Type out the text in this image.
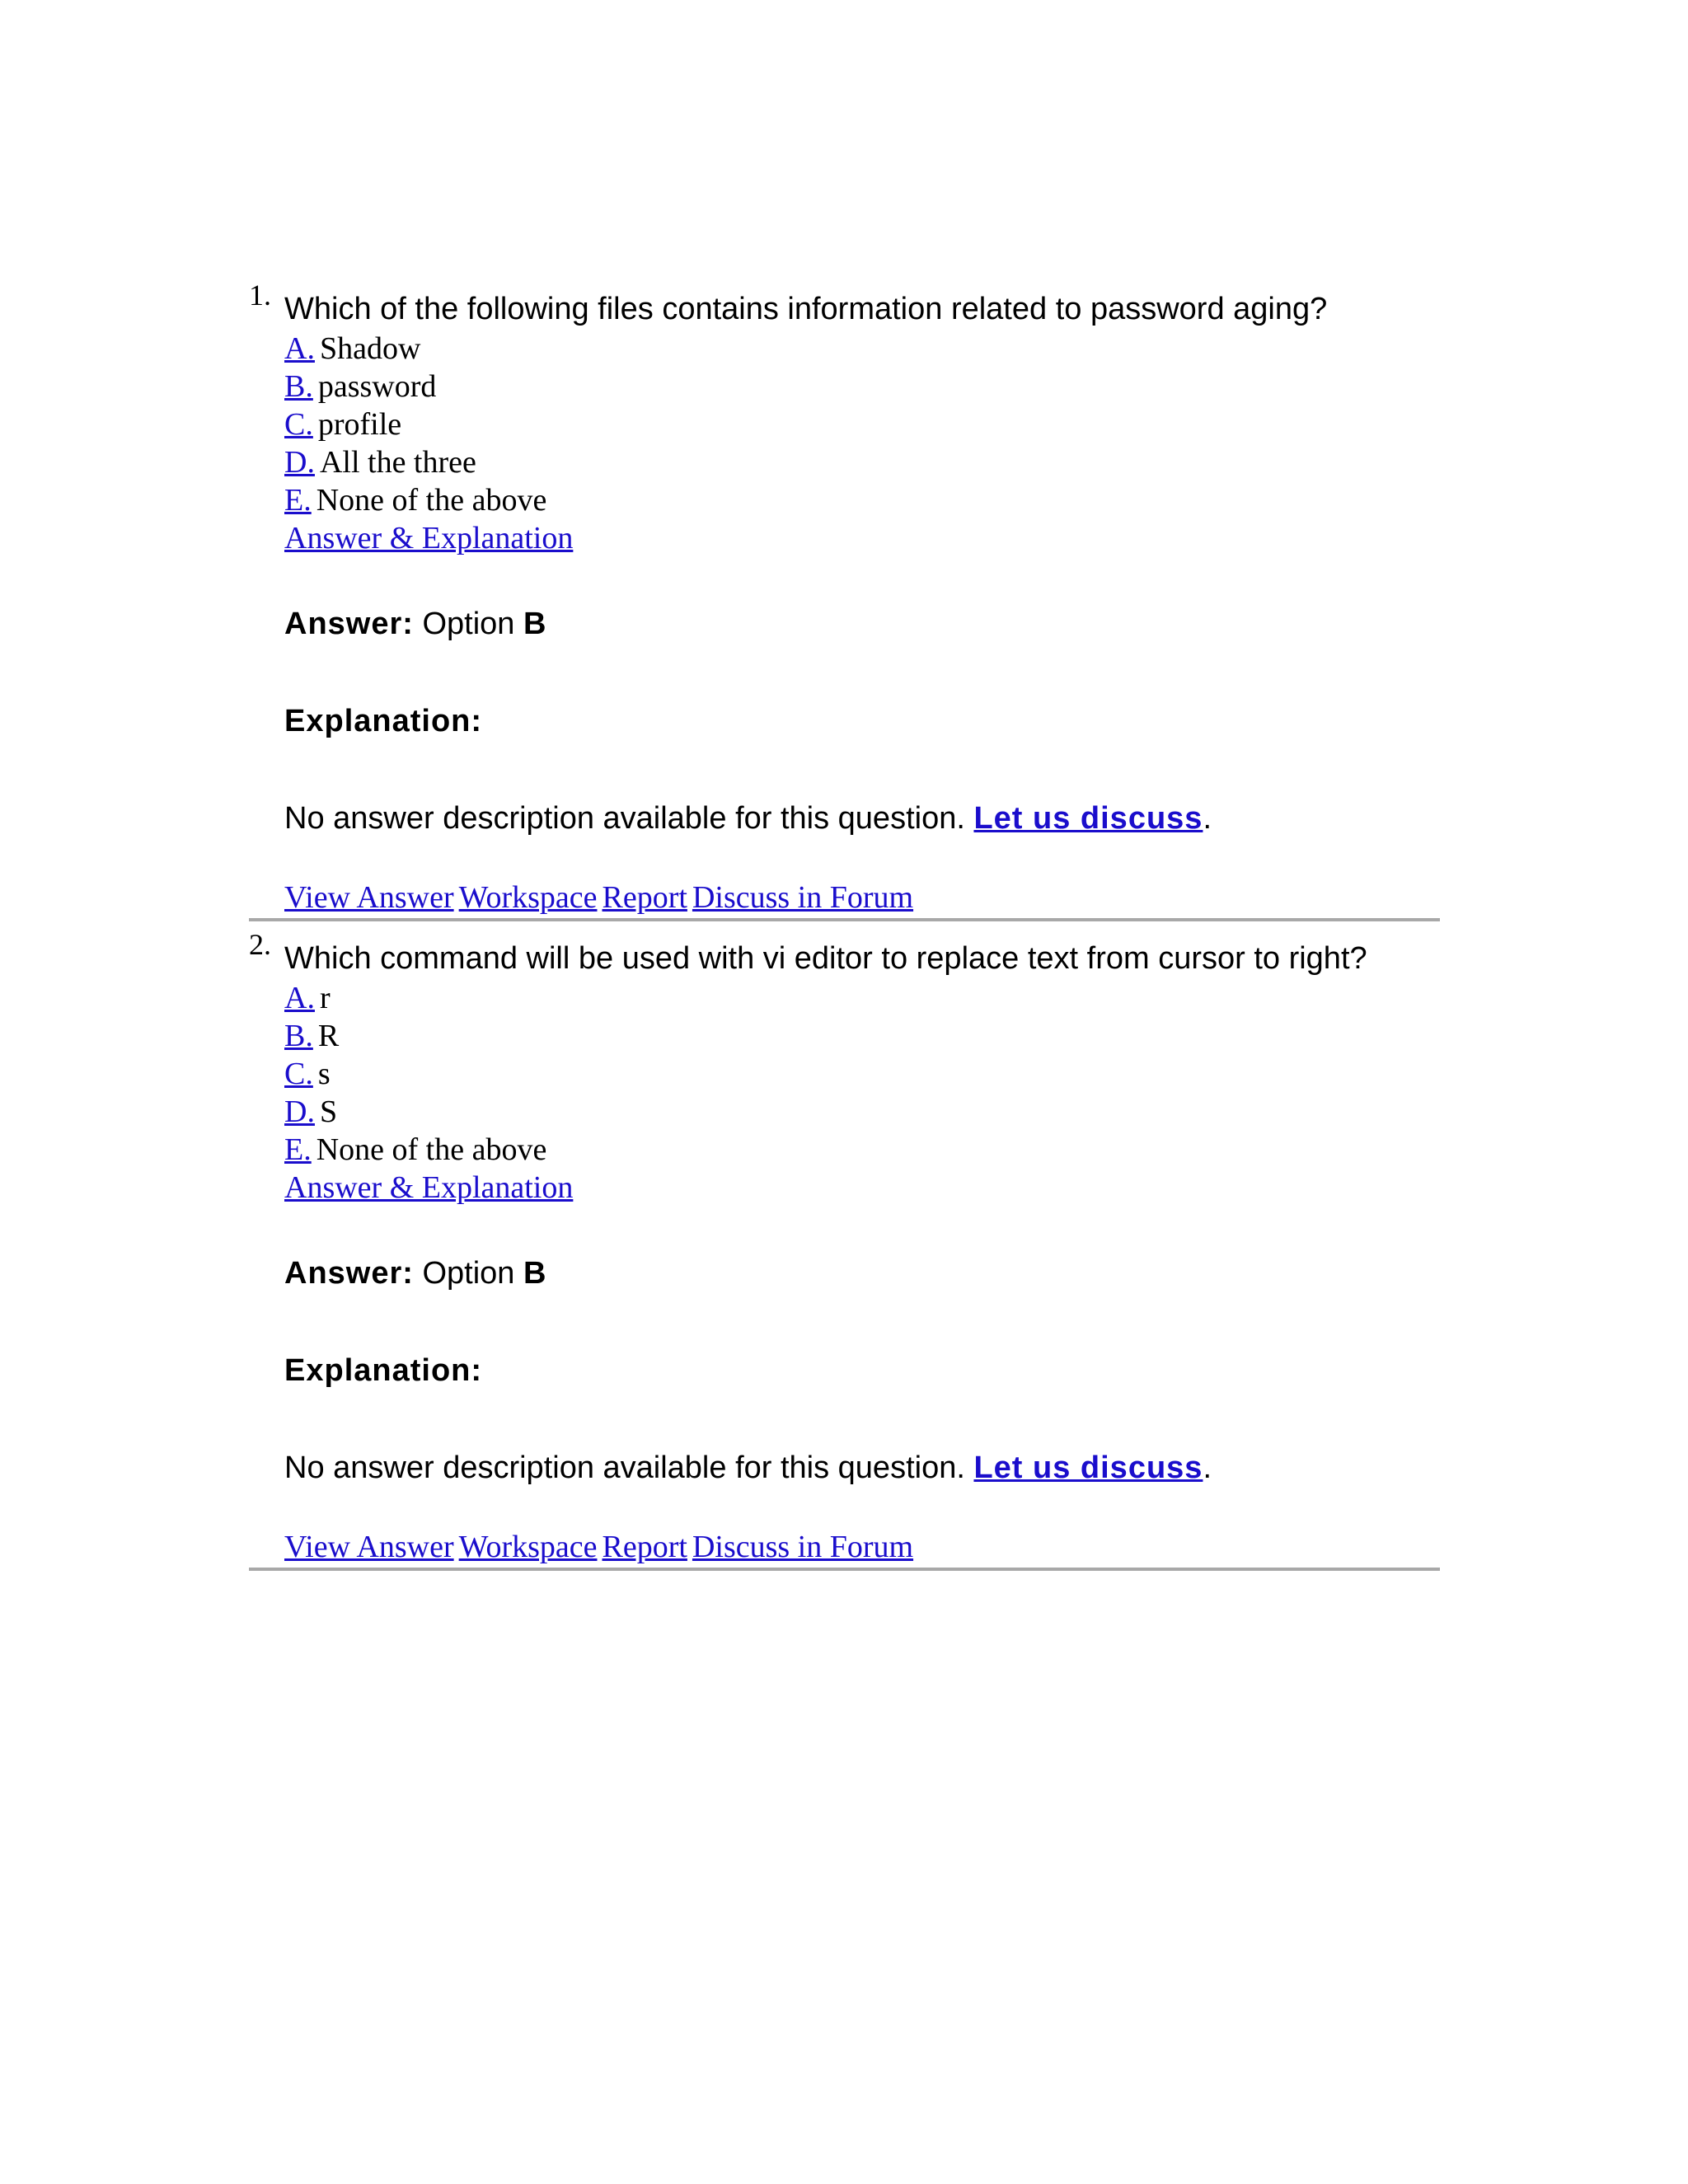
1. Which of the following files contains information related to password aging?

A. Shadow
B. password
C. profile
D. All the three
E. None of the above
Answer & Explanation
Answer: Option B
Explanation:
No answer description available for this question. Let us discuss.
View Answer Workspace Report Discuss in Forum
2. Which command will be used with vi editor to replace text from cursor to right?

A. r
B. R
C. s
D. S
E. None of the above
Answer & Explanation
Answer: Option B
Explanation:
No answer description available for this question. Let us discuss.
View Answer Workspace Report Discuss in Forum
